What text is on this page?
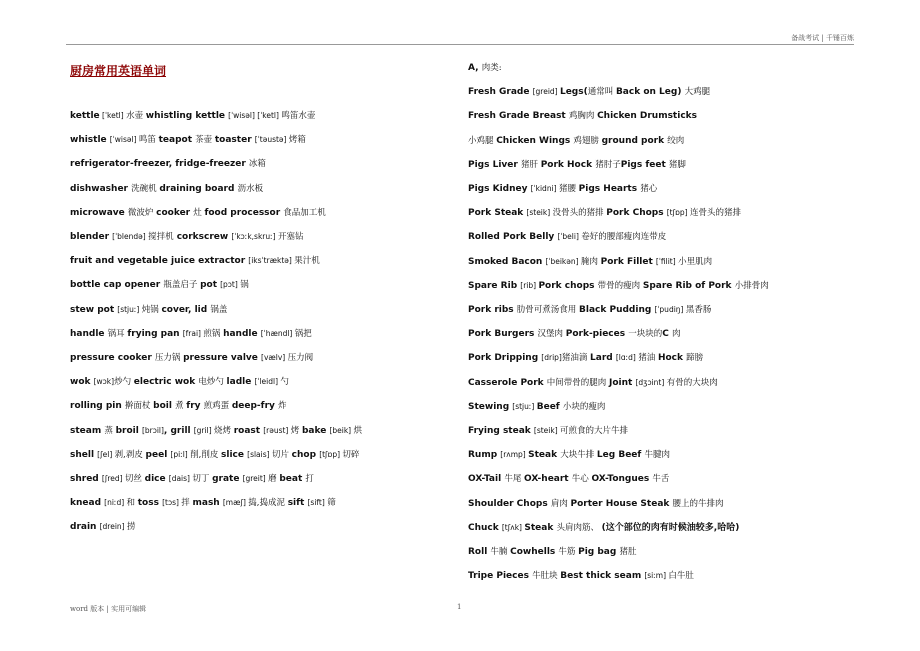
备战考试 | 千锤百炼
厨房常用英语单词
kettle [ˈketl] 水壶 whistling kettle [ˈwisəl] [ˈketl] 鸣笛水壶
whistle [ˈwisəl] 鸣笛 teapot 茶壶 toaster [ˈtəustə] 烤箱
refrigerator-freezer, fridge-freezer 冰箱
dishwasher 洗碗机 draining board 沥水板
microwave 微波炉 cooker 灶 food processor 食品加工机
blender [ˈblendə] 搅拌机 corkscrew [ˈkɔːk,skruː] 开塞钻
fruit and vegetable juice extractor [iksˈtræktə] 果汁机
bottle cap opener 瓶盖启子 pot [pɔt] 锅
stew pot [stjuː] 炖锅 cover, lid 锅盖
handle 锅耳 frying pan [frai] 煎锅 handle [ˈhændl] 锅把
pressure cooker 压力锅 pressure valve [vælv] 压力阀
wok [wɔk]炒勺 electric wok 电炒勺 ladle [ˈleidl] 勺
rolling pin 擀面杖 boil 煮 fry 煎鸡蛋 deep-fry 炸
steam 蒸 broil [brɔil], grill [gril] 烧烤 roast [rəust] 烤 bake [beik] 烘
shell [ʃel] 剥,剥皮 peel [piːl] 削,削皮 slice [slais] 切片 chop [tʃɒp] 切碎
shred [ʃred] 切丝 dice [dais] 切丁 grate [greit] 磨 beat 打
knead [niːd] 和 toss [tɔs] 拌 mash [mæʃ] 捣,捣成泥 sift [sift] 筛
drain [drein] 捞
A, 肉类:
Fresh Grade [greid] Legs(通常叫 Back on Leg) 大鸡腿
Fresh Grade Breast 鸡胸肉 Chicken Drumsticks
小鸡腿 Chicken Wings 鸡翅膀 ground pork 绞肉
Pigs Liver 猪肝 Pork Hock 猪肘子Pigs feet 猪脚
Pigs Kidney [ˈkidni] 猪腰 Pigs Hearts 猪心
Pork Steak [steik] 没骨头的猪排 Pork Chops [tʃɒp] 连骨头的猪排
Rolled Pork Belly [ˈbeli] 卷好的腰部瘦肉连带皮
Smoked Bacon [ˈbeikən] 腌肉 Pork Fillet [ˈfilit] 小里肌肉
Spare Rib [rib] Pork chops 带骨的瘦肉 Spare Rib of Pork 小排骨肉
Pork ribs 肋骨可煮汤食用 Black Pudding [ˈpudiŋ] 黑香肠
Pork Burgers 汉堡肉 Pork-pieces 一块块的C 肉
Pork Dripping [drip]猪油滴 Lard [lɑːd] 猪油 Hock 蹄膀
Casserole Pork 中间带骨的腿肉 Joint [dʒɔint] 有骨的大块肉
Stewing [stjuː] Beef 小块的瘦肉
Frying steak [steik] 可煎食的大片牛排
Rump [rʌmp] Steak 大块牛排 Leg Beef 牛腱肉
OX-Tail 牛尾 OX-heart 牛心 OX-Tongues 牛舌
Shoulder Chops 肩肉 Porter House Steak 腰上的牛排肉
Chuck [tʃʌk] Steak 头肩肉筋、 (这个部位的肉有时候油较多,哈哈)
Roll 牛腩 Cowhells 牛筋 Pig bag 猪肚
Tripe Pieces 牛肚块 Best thick seam [siːm] 白牛肚
word 版本 | 实用可编辑	1
